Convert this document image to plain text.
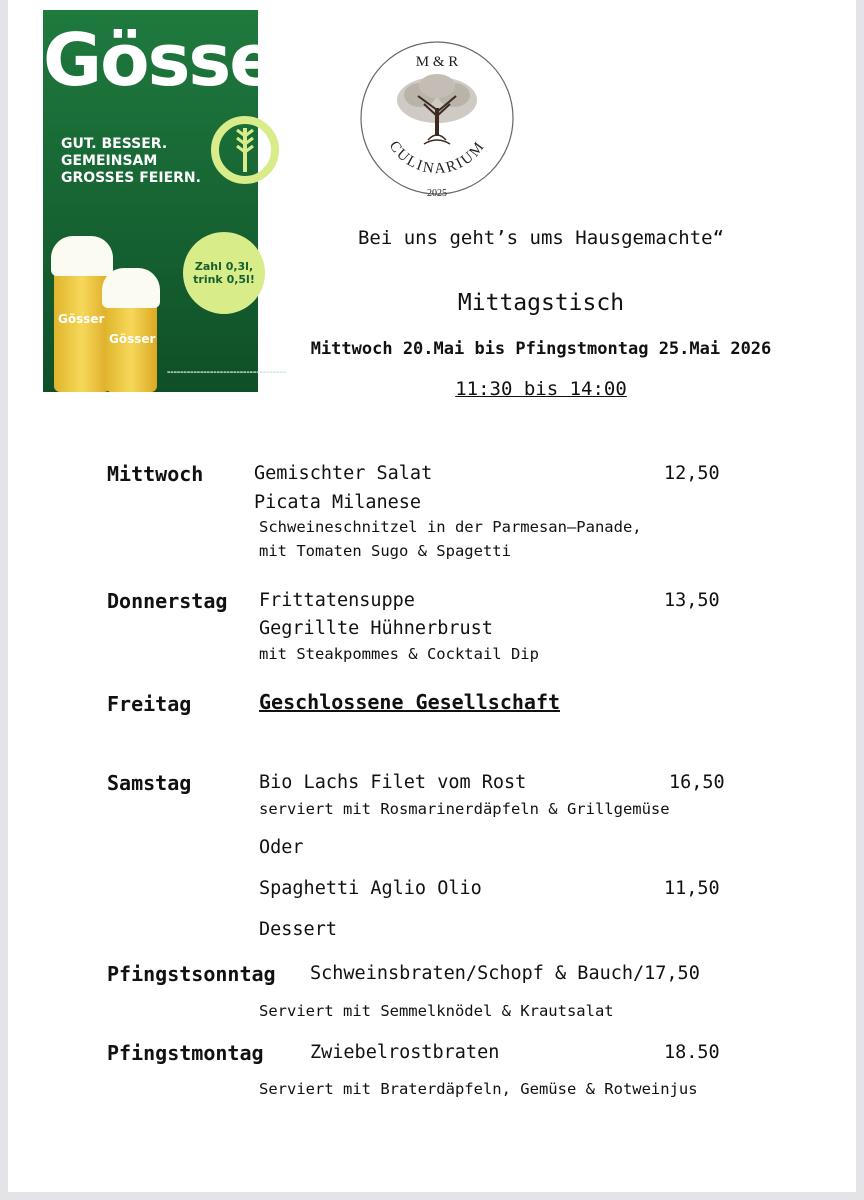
Gösser
GUT. BESSER.
GEMEINSAM
GROSSES FEIERN.
Zahl 0,3l,
trink 0,5l!
Gösser
Gösser
▬▬▬▬▬▬▬▬▬▬▬▬▬▬▬▬▬▬▬▬▬▬▬▬▬▬▬▬▬▬▬▬▬▬▬▬
M & R
CULINARIUM
2025
Bei uns geht’s ums Hausgemachte“
Mittagstisch
Mittwoch 20.Mai bis Pfingstmontag 25.Mai 2026
11:30 bis 14:00
Mittwoch	Gemischter Salat	12,50
Picata Milanese
Schweineschnitzel in der Parmesan–Panade,
mit Tomaten Sugo & Spagetti
Donnerstag Frittatensuppe	13,50
Gegrillte Hühnerbrust
mit Steakpommes & Cocktail Dip
Freitag	Geschlossene Gesellschaft
Samstag	Bio Lachs Filet vom Rost	16,50
serviert mit Rosmarinerdäpfeln & Grillgemüse
Oder
Spaghetti Aglio Olio	11,50
Dessert
Pfingstsonntag Schweinsbraten/Schopf & Bauch/17,50
Serviert mit Semmelknödel & Krautsalat
Pfingstmontag	Zwiebelrostbraten	18.50
Serviert mit Braterdäpfeln, Gemüse & Rotweinjus
